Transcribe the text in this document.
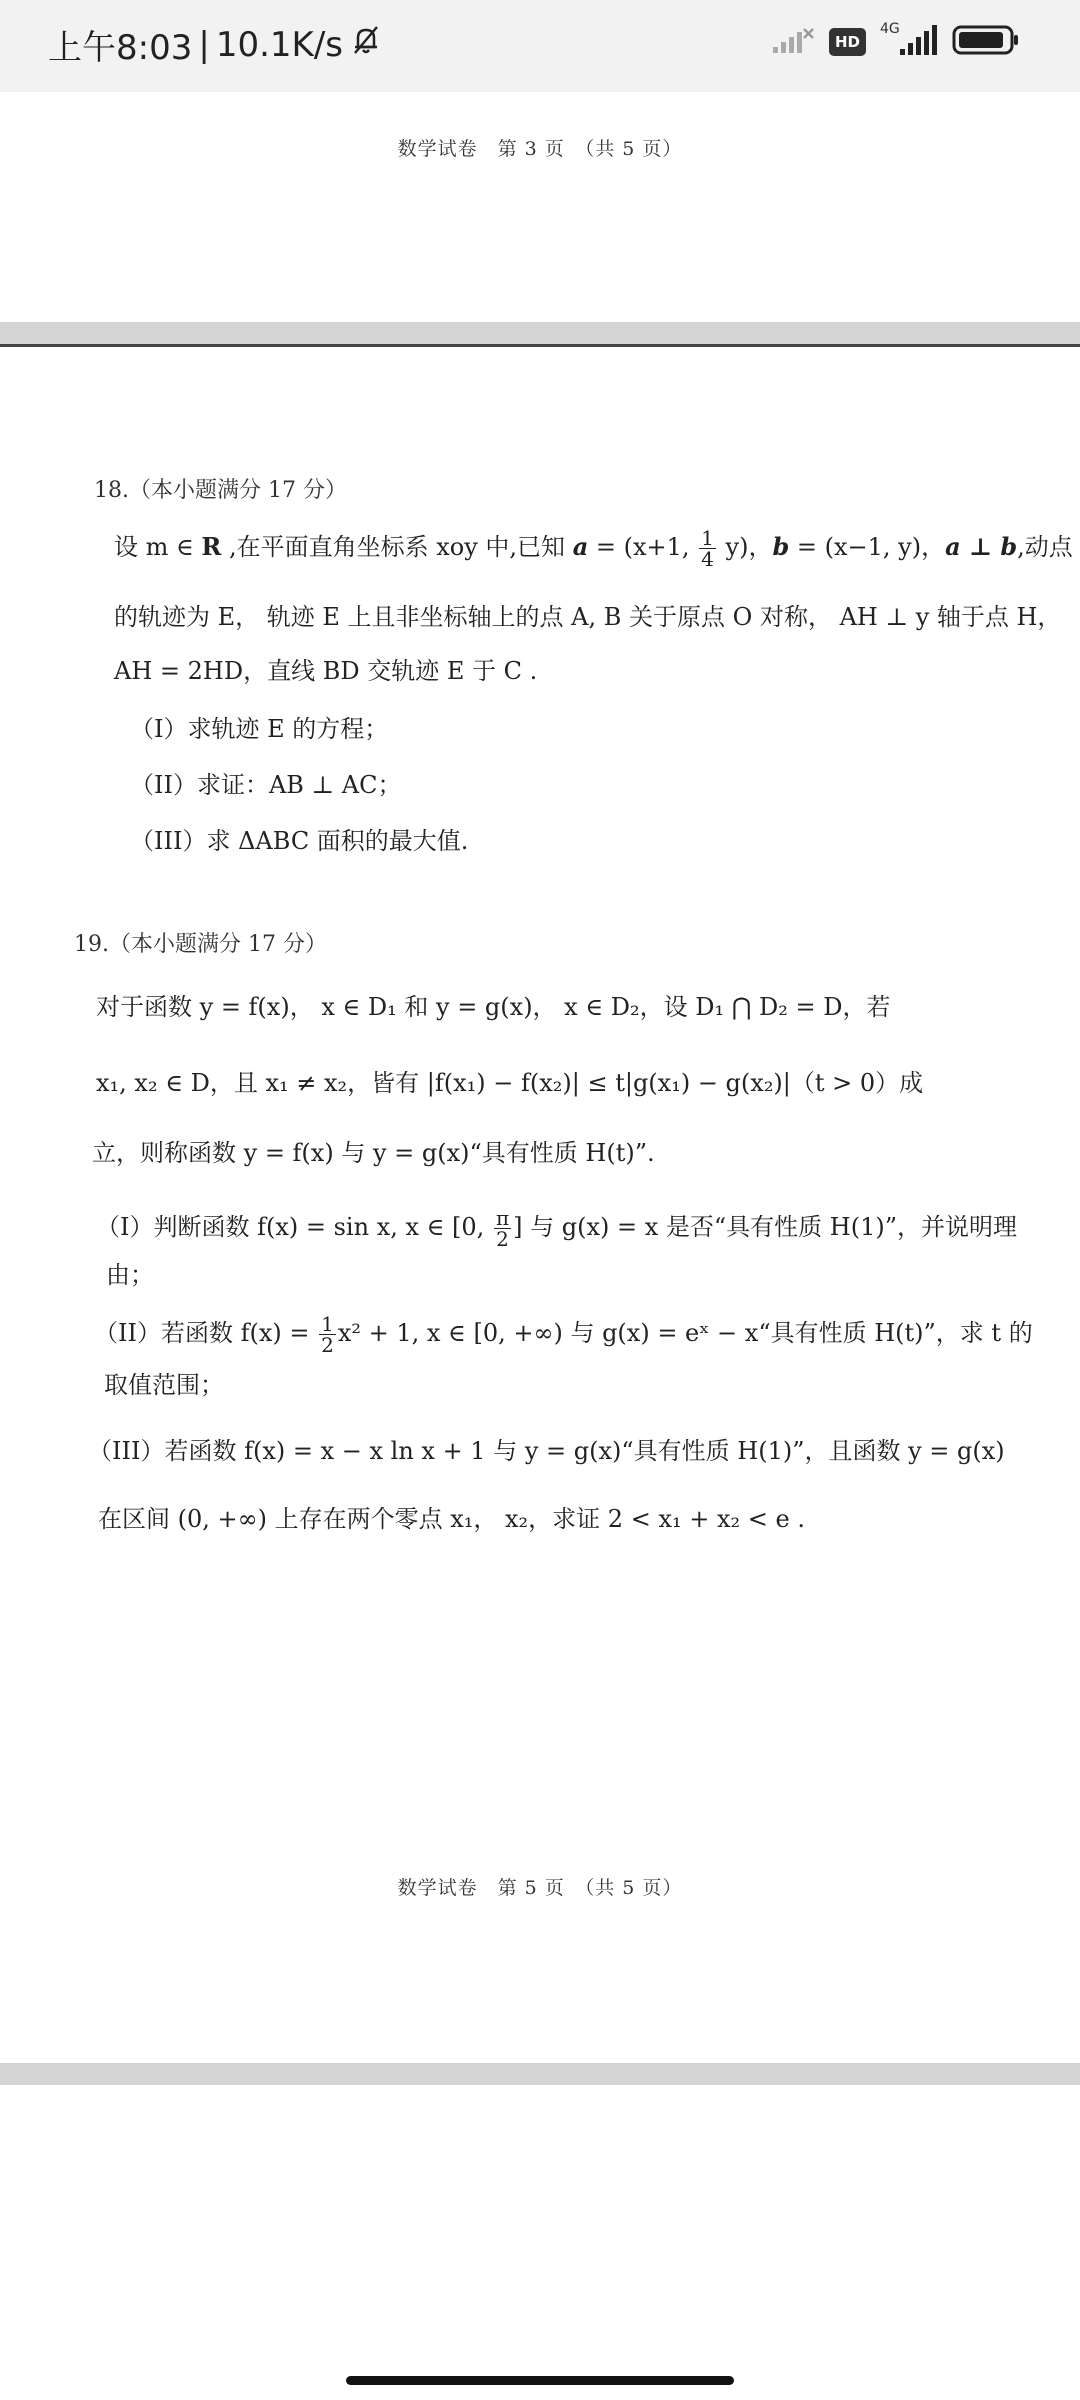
上午8:03 | 10.1K/s	HD
4G
数学试卷　第 3 页　（共 5 页）
18.（本小题满分 17 分）
设 m ∈ R ,在平面直角坐标系 xoy 中,已知 a = (x+1, $\frac{1}{4} y$)，b = (x−1, y)，a ⊥ b,动点
的轨迹为 E， 轨迹 E 上且非坐标轴上的点 A, B 关于原点 O 对称， AH ⊥ y 轴于点 H，
AH = 2HD，直线 BD 交轨迹 E 于 C .
（I）求轨迹 E 的方程；
（II）求证：AB ⊥ AC；
（III）求 ΔABC 面积的最大值.
19.（本小题满分 17 分）
对于函数 y = f(x)， x ∈ D₁ 和 y = g(x)， x ∈ D₂，设 D₁ ⋂ D₂ = D，若
x₁, x₂ ∈ D，且 x₁ ≠ x₂，皆有 |f(x₁) − f(x₂)| ≤ t|g(x₁) − g(x₂)|（t > 0）成
立，则称函数 y = f(x) 与 y = g(x)“具有性质 H(t)”.
（I）判断函数 f(x) = sin x, x ∈ [0, $\frac{\pi}{2}$ ] 与 g(x) = x 是否“具有性质 H(1)”，并说明理
由；
（II）若函数 $f(x) = \frac{1}{2} x^2 + 1$, x ∈ [0, +∞) 与 g(x) = eˣ − x“具有性质 H(t)”，求 t 的
取值范围；
（III）若函数 f(x) = x − x ln x + 1 与 y = g(x)“具有性质 H(1)”，且函数 y = g(x)
在区间 (0, +∞) 上存在两个零点 x₁， x₂，求证 2 < x₁ + x₂ < e .
数学试卷　第 5 页　（共 5 页）
